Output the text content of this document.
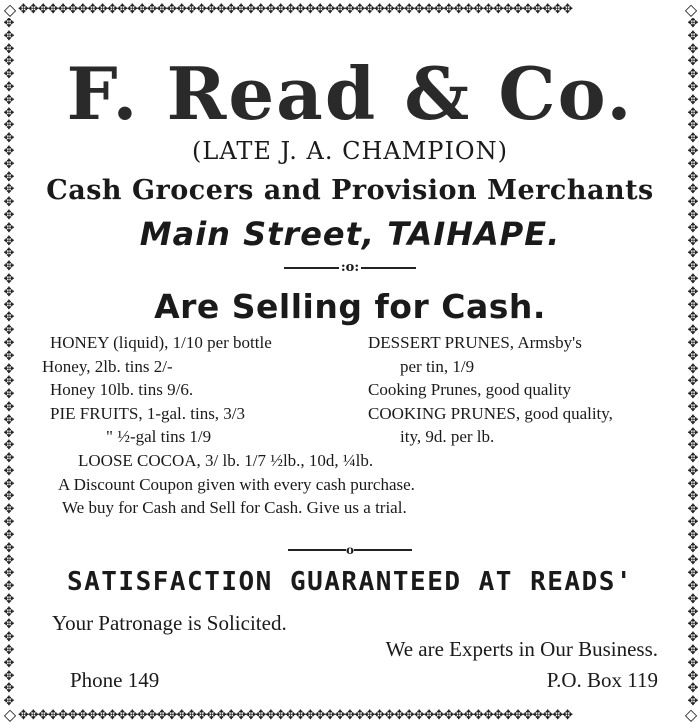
◇	◇
◇	◇
✥✥✥✥✥✥✥✥✥✥✥✥✥✥✥✥✥✥✥✥✥✥✥✥✥✥✥✥✥✥✥✥✥✥✥✥✥✥✥✥✥✥✥✥✥✥✥✥✥✥✥✥✥✥✥✥
✥✥✥✥✥✥✥✥✥✥✥✥✥✥✥✥✥✥✥✥✥✥✥✥✥✥✥✥✥✥✥✥✥✥✥✥✥✥✥✥✥✥✥✥✥✥✥✥✥✥✥✥✥✥✥✥
✥✥✥✥✥✥✥✥✥✥✥✥✥✥✥✥✥✥✥✥✥✥✥✥✥✥✥✥✥✥✥✥✥✥✥✥✥✥✥✥✥✥✥✥✥✥✥✥✥✥✥✥✥✥
✥✥✥✥✥✥✥✥✥✥✥✥✥✥✥✥✥✥✥✥✥✥✥✥✥✥✥✥✥✥✥✥✥✥✥✥✥✥✥✥✥✥✥✥✥✥✥✥✥✥✥✥✥✥
F. Read & Co.
(LATE J. A. CHAMPION)
Cash Grocers and Provision Merchants
Main Street, TAIHAPE.
:o:
Are Selling for Cash.
HONEY (liquid), 1/10 per bottle	DESSERT PRUNES, Armsby's
Honey, 2lb. tins 2/-	per tin, 1/9
Honey 10lb. tins 9/6.	Cooking Prunes, good quality
PIE FRUITS, 1-gal. tins, 3/3	COOKING PRUNES, good quality,
" ½-gal tins 1/9	ity, 9d. per lb.
LOOSE COCOA, 3/ lb. 1/7 ½lb., 10d, ¼lb.
A Discount Coupon given with every cash purchase.
We buy for Cash and Sell for Cash. Give us a trial.
o
SATISFACTION GUARANTEED AT READS'
Your Patronage is Solicited.
We are Experts in Our Business.
Phone 149	P.O. Box 119
